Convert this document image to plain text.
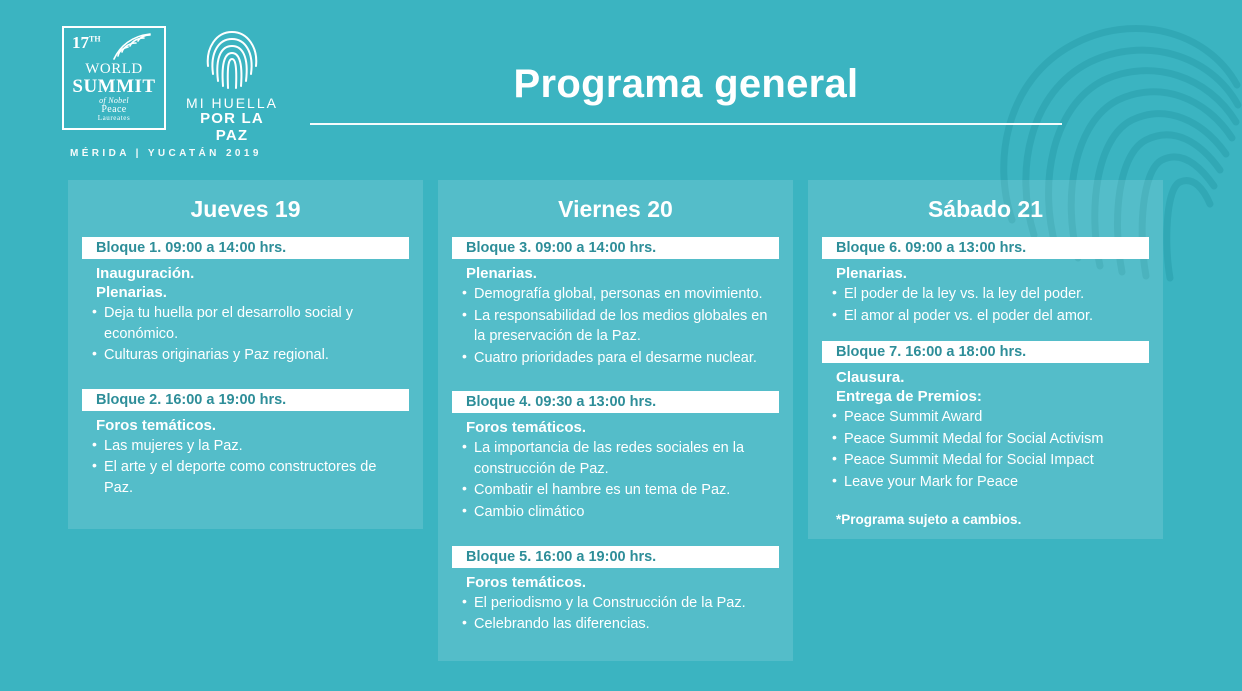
17TH
WORLD
SUMMIT
of Nobel
Peace
Laureates
MI HUELLA
POR LA PAZ
MÉRIDA | YUCATÁN 2019
Programa general
Jueves 19
Bloque 1. 09:00 a 14:00 hrs.
Inauguración.
Plenarias.
• Deja tu huella por el desarrollo social y económico.
• Culturas originarias y Paz regional.
Bloque 2. 16:00 a 19:00 hrs.
Foros temáticos.
• Las mujeres y la Paz.
• El arte y el deporte como constructores de Paz.
Viernes 20
Bloque 3. 09:00 a 14:00 hrs.
Plenarias.
• Demografía global, personas en movimiento.
• La responsabilidad de los medios globales en la preservación de la Paz.
• Cuatro prioridades para el desarme nuclear.
Bloque 4. 09:30 a 13:00 hrs.
Foros temáticos.
• La importancia de las redes sociales en la construcción de Paz.
• Combatir el hambre es un tema de Paz.
• Cambio climático
Bloque 5. 16:00 a 19:00 hrs.
Foros temáticos.
• El periodismo y la Construcción de la Paz.
• Celebrando las diferencias.
Sábado 21
Bloque 6. 09:00 a 13:00 hrs.
Plenarias.
• El poder de la ley vs. la ley del poder.
• El amor al poder vs. el poder del amor.
Bloque 7. 16:00 a 18:00 hrs.
Clausura.
Entrega de Premios:
• Peace Summit Award
• Peace Summit Medal for Social Activism
• Peace Summit Medal for Social Impact
• Leave your Mark for Peace
*Programa sujeto a cambios.
